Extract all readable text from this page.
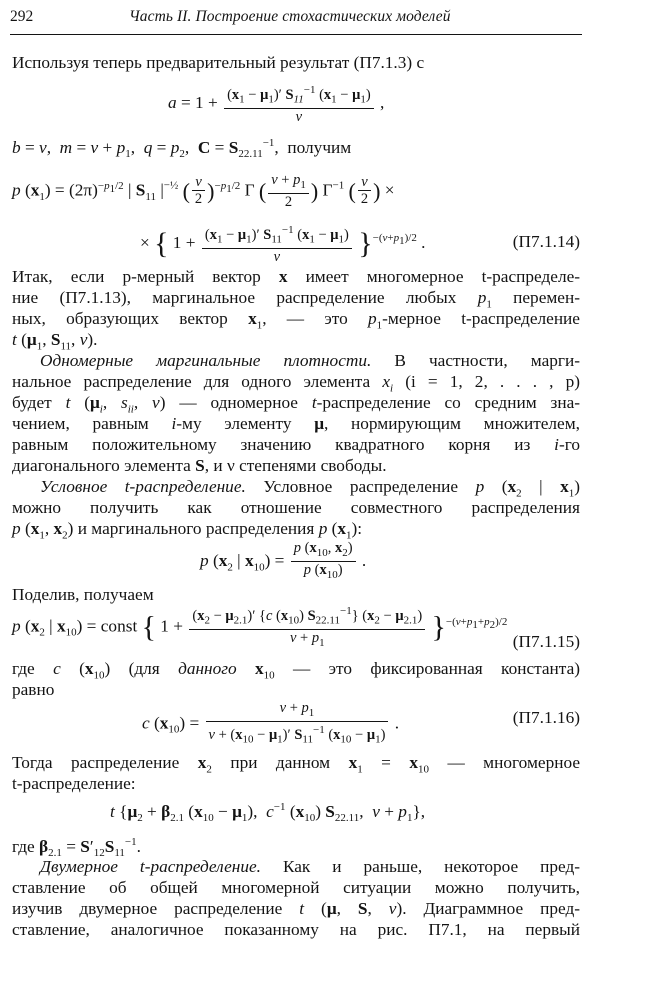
292	Часть II. Построение стохастических моделей
Используя теперь предварительный результат (П7.1.3) с
$a = 1 + \frac{(x_1 - \mu_1)' S_{11}^{-1} (x_1 - \mu_1)}{\nu}$ ,
b = ν,  $m = \nu + p_1$,  $q = p_2$,  $C = S_{22.11}^{-1}$,  получим
p $(x_1) = (2\pi)^{-p_1/2}$ | $S_{11}$ $|^{-\frac{1}{2}}$ ( $\frac{\nu}{2} )^{-p_1/2}$ Γ ( $\frac{\nu + p_1}{2}$ ) $\Gamma^{-1}$ ( $\frac{\nu}{2}$ ) ×
× { $1 + \frac{(x_1 - \mu_1)' S_{11}^{-1} (x_1 - \mu_1)}{\nu} \}^{-(\nu+p_1)/2}$ .	(П7.1.14)
Итак, если p-мерный вектор x имеет многомерное t-распределе-
ние (П7.1.13), маргинальное распределение любых $p_1$ перемен-
ных, образующих вектор $x_1$, — это $p_1$-мерное t-распределение
t ($\mu_1$, $S_{11}$, ν).
Одномерные маргинальные плотности. В частности, марги-
нальное распределение для одного элемента $x_i$ (i = 1, 2, . . . , p)
будет t ($\mu_i$, $s_{ii}$, ν) — одномерное t-распределение со средним зна-
чением, равным i-му элементу μ, нормирующим множителем,
равным положительному значению квадратного корня из i-го
диагонального элемента S, и ν степенями свободы.
Условное t-распределение. Условное распределение p ($x_2$ | $x_1$)
можно получить как отношение совместного распределения
p ($x_1$, $x_2$) и маргинального распределения p $(x_1)$:
p ($x_2$ | $x_{10}) = \frac{p (x_{10}, x_2)}{p (x_{10})}$ .
Поделив, получаем
p ($x_2$ | $x_{10}$) = const { $1 + \frac{(x_2 - \mu_{2.1})' \{c (x_{10}) S_{22.11}^{-1}\} (x_2 - \mu_{2.1})}{\nu + p_1} \}^{-(\nu+p_1+p_2)/2}$
(П7.1.15)
где c $(x_{10})$ (для данного $x_{10}$ — это фиксированная константа)
равно
c $(x_{10}) = \frac{\nu + p_1}{\nu + (x_{10} - \mu_1)' S_{11}^{-1} (x_{10} - \mu_1)}$ .	(П7.1.16)
Тогда распределение $x_2$ при данном $x_1 = x_{10}$ — многомерное
t-распределение:
t {$\mu_2 + \beta_{2.1}$ $(x_{10} - \mu_1)$,  $c^{-1}$ $(x_{10})$ $S_{22.11}$,  $\nu + p_1$},
где $\beta_{2.1} = S'_{12}S_{11}^{-1}$.
Двумерное t-распределение. Как и раньше, некоторое пред-
ставление об общей многомерной ситуации можно получить,
изучив двумерное распределение t (μ, S, ν). Диаграммное пред-
ставление, аналогичное показанному на рис. П7.1, на первый
